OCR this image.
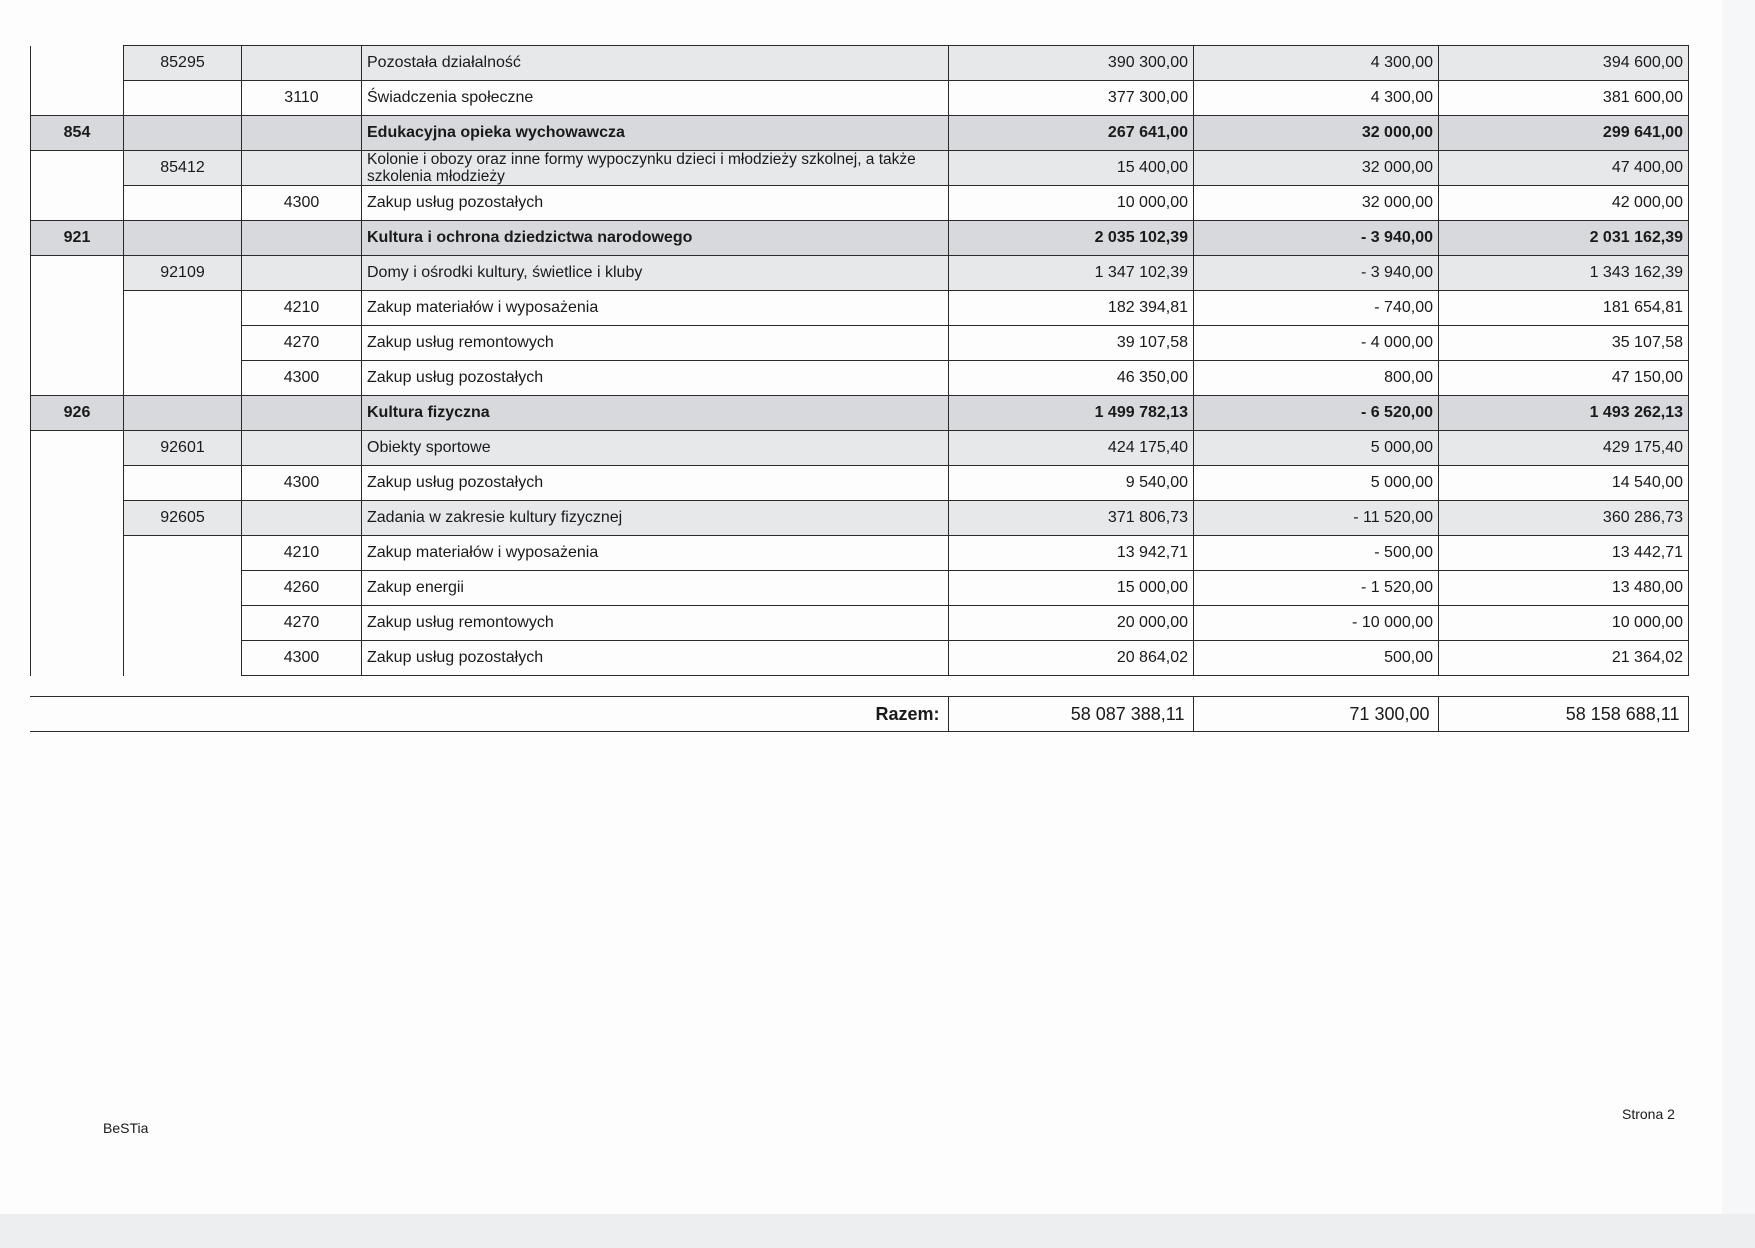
	85295		Pozostała działalność	390 300,00	4 300,00	394 600,00
		3110	Świadczenia społeczne	377 300,00	4 300,00	381 600,00
854			Edukacyjna opieka wychowawcza	267 641,00	32 000,00	299 641,00
	85412		Kolonie i obozy oraz inne formy wypoczynku dzieci i młodzieży szkolnej, a także szkolenia młodzieży	15 400,00	32 000,00	47 400,00
		4300	Zakup usług pozostałych	10 000,00	32 000,00	42 000,00
921			Kultura i ochrona dziedzictwa narodowego	2 035 102,39	- 3 940,00	2 031 162,39
	92109		Domy i ośrodki kultury, świetlice i kluby	1 347 102,39	- 3 940,00	1 343 162,39
		4210	Zakup materiałów i wyposażenia	182 394,81	- 740,00	181 654,81
		4270	Zakup usług remontowych	39 107,58	- 4 000,00	35 107,58
		4300	Zakup usług pozostałych	46 350,00	800,00	47 150,00
926			Kultura fizyczna	1 499 782,13	- 6 520,00	1 493 262,13
	92601		Obiekty sportowe	424 175,40	5 000,00	429 175,40
		4300	Zakup usług pozostałych	9 540,00	5 000,00	14 540,00
	92605		Zadania w zakresie kultury fizycznej	371 806,73	- 11 520,00	360 286,73
		4210	Zakup materiałów i wyposażenia	13 942,71	- 500,00	13 442,71
		4260	Zakup energii	15 000,00	- 1 520,00	13 480,00
		4270	Zakup usług remontowych	20 000,00	- 10 000,00	10 000,00
		4300	Zakup usług pozostałych	20 864,02	500,00	21 364,02
Razem:	58 087 388,11	71 300,00	58 158 688,11
BeSTia
Strona 2
